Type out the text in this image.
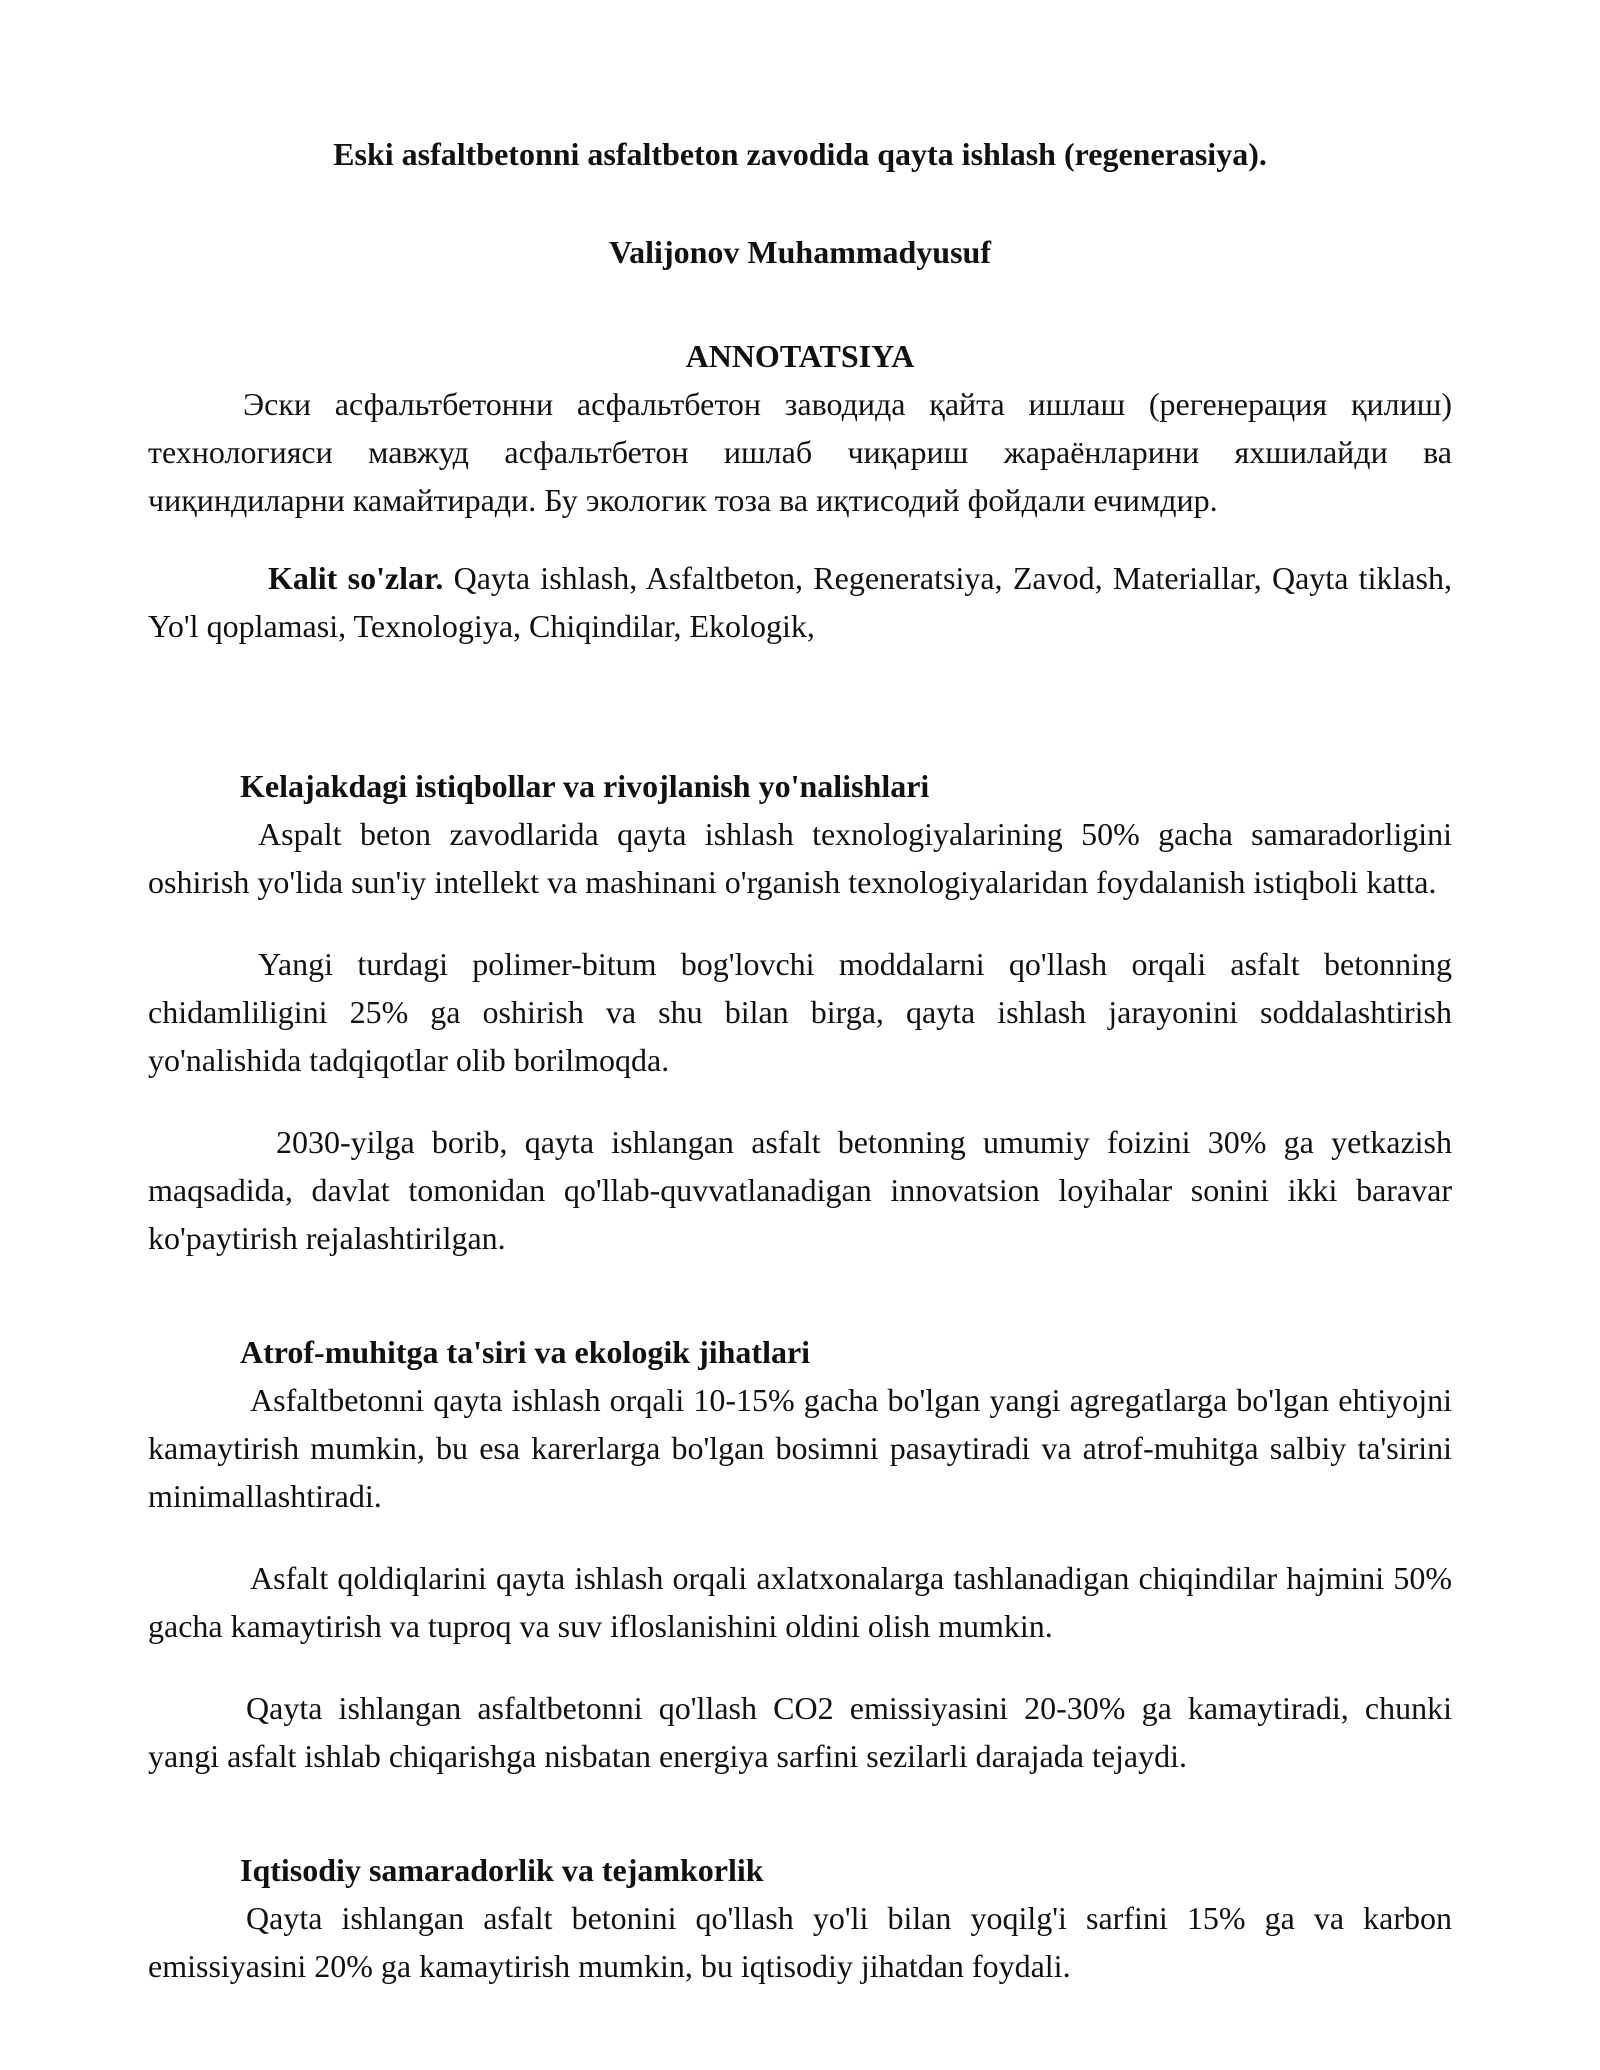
Eski asfaltbetonni asfaltbeton zavodida qayta ishlash (regenerasiya).

Valijonov Muhammadyusuf

ANNOTATSIYA

Эски асфальтбетонни асфальтбетон заводида қайта ишлаш (регенерация қилиш) технологияси мавжуд асфальтбетон ишлаб чиқариш жараёнларини яхшилайди ва чиқиндиларни камайтиради. Бу экологик тоза ва иқтисодий фойдали ечимдир.

Kalit so'zlar. Qayta ishlash, Asfaltbeton, Regeneratsiya, Zavod, Materiallar, Qayta tiklash, Yo'l qoplamasi, Texnologiya, Chiqindilar, Ekologik,

Kelajakdagi istiqbollar va rivojlanish yo'nalishlari

Aspalt beton zavodlarida qayta ishlash texnologiyalarining 50% gacha samaradorligini oshirish yo'lida sun'iy intellekt va mashinani o'rganish texnologiyalaridan foydalanish istiqboli katta.

Yangi turdagi polimer-bitum bog'lovchi moddalarni qo'llash orqali asfalt betonning chidamliligini 25% ga oshirish va shu bilan birga, qayta ishlash jarayonini soddalashtirish yo'nalishida tadqiqotlar olib borilmoqda.

2030-yilga borib, qayta ishlangan asfalt betonning umumiy foizini 30% ga yetkazish maqsadida, davlat tomonidan qo'llab-quvvatlanadigan innovatsion loyihalar sonini ikki baravar ko'paytirish rejalashtirilgan.

Atrof-muhitga ta'siri va ekologik jihatlari

Asfaltbetonni qayta ishlash orqali 10-15% gacha bo'lgan yangi agregatlarga bo'lgan ehtiyojni kamaytirish mumkin, bu esa karerlarga bo'lgan bosimni pasaytiradi va atrof-muhitga salbiy ta'sirini minimallashtiradi.

Asfalt qoldiqlarini qayta ishlash orqali axlatxonalarga tashlanadigan chiqindilar hajmini 50% gacha kamaytirish va tuproq va suv ifloslanishini oldini olish mumkin.

Qayta ishlangan asfaltbetonni qo'llash CO2 emissiyasini 20-30% ga kamaytiradi, chunki yangi asfalt ishlab chiqarishga nisbatan energiya sarfini sezilarli darajada tejaydi.

Iqtisodiy samaradorlik va tejamkorlik

Qayta ishlangan asfalt betonini qo'llash yo'li bilan yoqilg'i sarfini 15% ga va karbon emissiyasini 20% ga kamaytirish mumkin, bu iqtisodiy jihatdan foydali.
